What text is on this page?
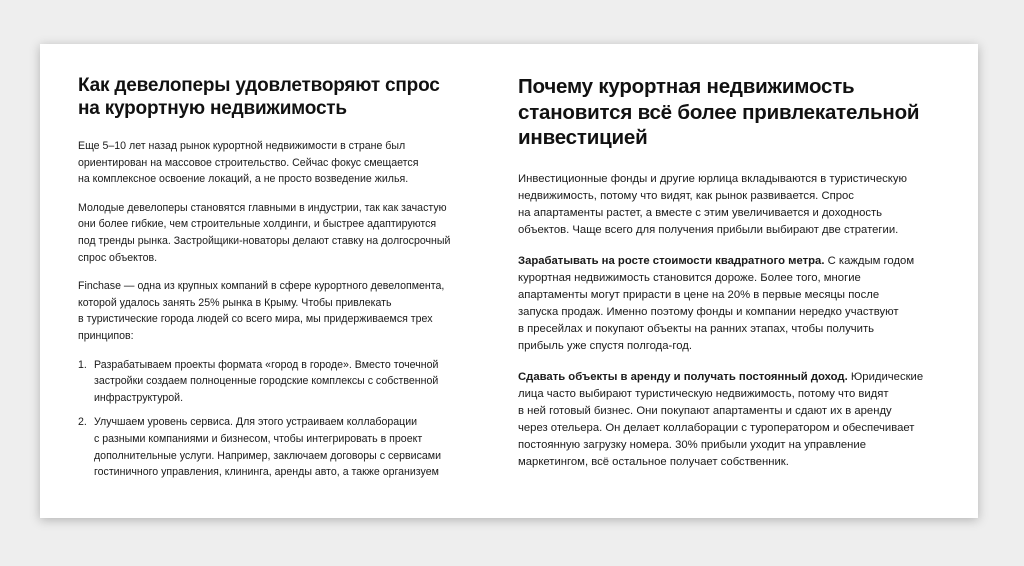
Как девелоперы удовлетворяют спрос
на курортную недвижимость
Еще 5–10 лет назад рынок курортной недвижимости в стране был
ориентирован на массовое строительство. Сейчас фокус смещается
на комплексное освоение локаций, а не просто возведение жилья.
Молодые девелоперы становятся главными в индустрии, так как зачастую
они более гибкие, чем строительные холдинги, и быстрее адаптируются
под тренды рынка. Застройщики-новаторы делают ставку на долгосрочный
спрос объектов.
Finchase — одна из крупных компаний в сфере курортного девелопмента,
которой удалось занять 25% рынка в Крыму. Чтобы привлекать
в туристические города людей со всего мира, мы придерживаемся трех
принципов:
1. Разрабатываем проекты формата «город в городе». Вместо точечной
застройки создаем полноценные городские комплексы с собственной
инфраструктурой.
2. Улучшаем уровень сервиса. Для этого устраиваем коллаборации
с разными компаниями и бизнесом, чтобы интегрировать в проект
дополнительные услуги. Например, заключаем договоры с сервисами
гостиничного управления, клининга, аренды авто, а также организуем
Почему курортная недвижимость
становится всё более привлекательной
инвестицией
Инвестиционные фонды и другие юрлица вкладываются в туристическую
недвижимость, потому что видят, как рынок развивается. Спрос
на апартаменты растет, а вместе с этим увеличивается и доходность
объектов. Чаще всего для получения прибыли выбирают две стратегии.
Зарабатывать на росте стоимости квадратного метра. С каждым годом
курортная недвижимость становится дороже. Более того, многие
апартаменты могут прирасти в цене на 20% в первые месяцы после
запуска продаж. Именно поэтому фонды и компании нередко участвуют
в пресейлах и покупают объекты на ранних этапах, чтобы получить
прибыль уже спустя полгода-год.
Сдавать объекты в аренду и получать постоянный доход. Юридические
лица часто выбирают туристическую недвижимость, потому что видят
в ней готовый бизнес. Они покупают апартаменты и сдают их в аренду
через отельера. Он делает коллаборации с туроператором и обеспечивает
постоянную загрузку номера. 30% прибыли уходит на управление
маркетингом, всё остальное получает собственник.
